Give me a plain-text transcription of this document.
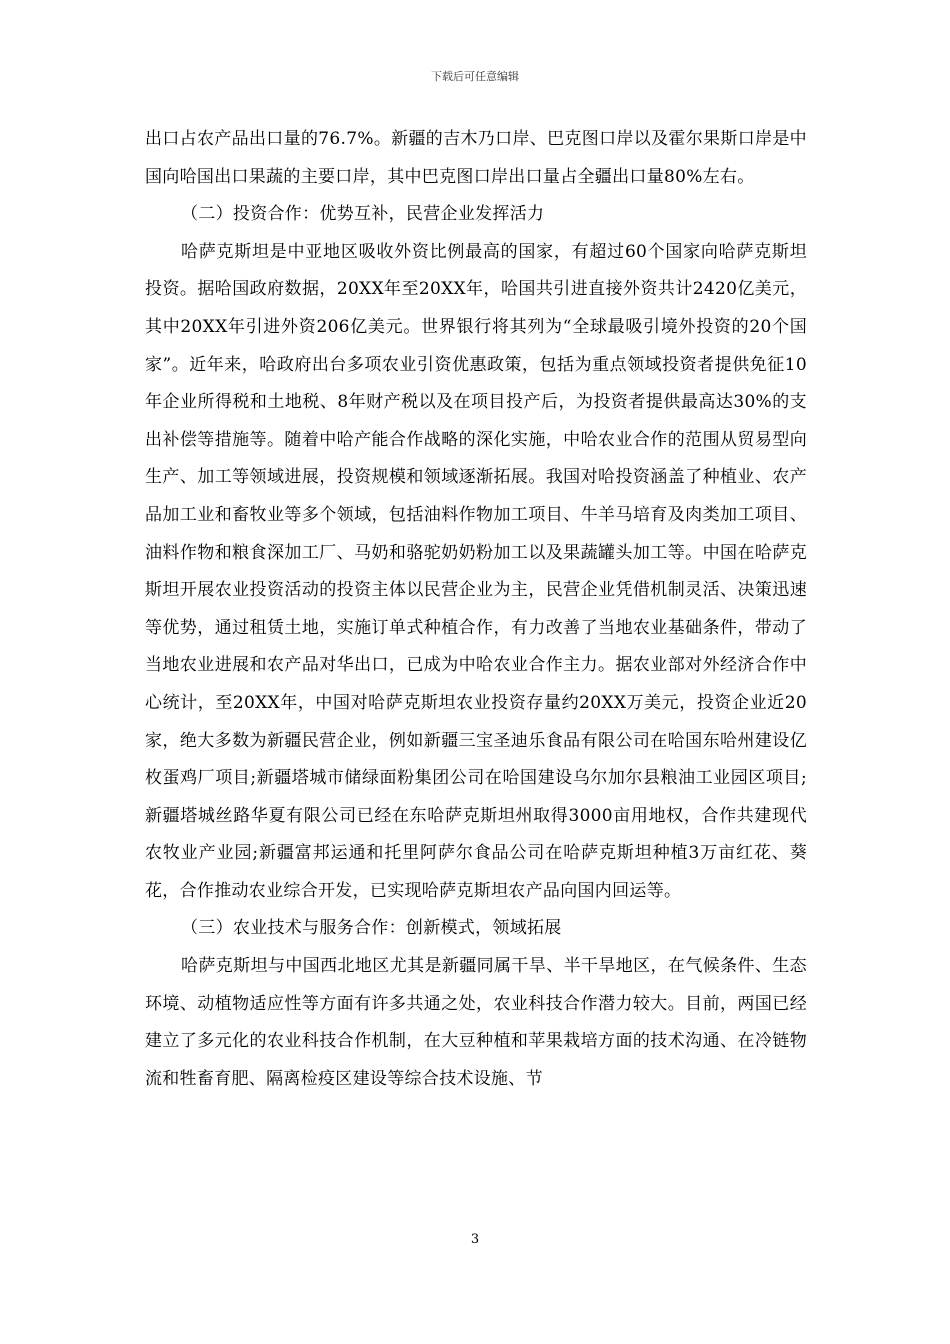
下载后可任意编辑

出口占农产品出口量的76.7%。新疆的吉木乃口岸、巴克图口岸以及霍尔果斯口岸是中国向哈国出口果蔬的主要口岸，其中巴克图口岸出口量占全疆出口量80%左右。

（二）投资合作：优势互补，民营企业发挥活力

哈萨克斯坦是中亚地区吸收外资比例最高的国家，有超过60个国家向哈萨克斯坦投资。据哈国政府数据，20XX年至20XX年，哈国共引进直接外资共计2420亿美元，其中20XX年引进外资206亿美元。世界银行将其列为“全球最吸引境外投资的20个国家”。近年来，哈政府出台多项农业引资优惠政策，包括为重点领域投资者提供免征10年企业所得税和土地税、8年财产税以及在项目投产后，为投资者提供最高达30%的支出补偿等措施等。随着中哈产能合作战略的深化实施，中哈农业合作的范围从贸易型向生产、加工等领域进展，投资规模和领域逐渐拓展。我国对哈投资涵盖了种植业、农产品加工业和畜牧业等多个领域，包括油料作物加工项目、牛羊马培育及肉类加工项目、油料作物和粮食深加工厂、马奶和骆驼奶奶粉加工以及果蔬罐头加工等。中国在哈萨克斯坦开展农业投资活动的投资主体以民营企业为主，民营企业凭借机制灵活、决策迅速等优势，通过租赁土地，实施订单式种植合作，有力改善了当地农业基础条件，带动了当地农业进展和农产品对华出口，已成为中哈农业合作主力。据农业部对外经济合作中心统计，至20XX年，中国对哈萨克斯坦农业投资存量约20XX万美元，投资企业近20家，绝大多数为新疆民营企业，例如新疆三宝圣迪乐食品有限公司在哈国东哈州建设亿枚蛋鸡厂项目;新疆塔城市储绿面粉集团公司在哈国建设乌尔加尔县粮油工业园区项目;新疆塔城丝路华夏有限公司已经在东哈萨克斯坦州取得3000亩用地权，合作共建现代农牧业产业园;新疆富邦运通和托里阿萨尔食品公司在哈萨克斯坦种植3万亩红花、葵花，合作推动农业综合开发，已实现哈萨克斯坦农产品向国内回运等。

（三）农业技术与服务合作：创新模式，领域拓展

哈萨克斯坦与中国西北地区尤其是新疆同属干旱、半干旱地区，在气候条件、生态环境、动植物适应性等方面有许多共通之处，农业科技合作潜力较大。目前，两国已经建立了多元化的农业科技合作机制，在大豆种植和苹果栽培方面的技术沟通、在冷链物流和牲畜育肥、隔离检疫区建设等综合技术设施、节

3
